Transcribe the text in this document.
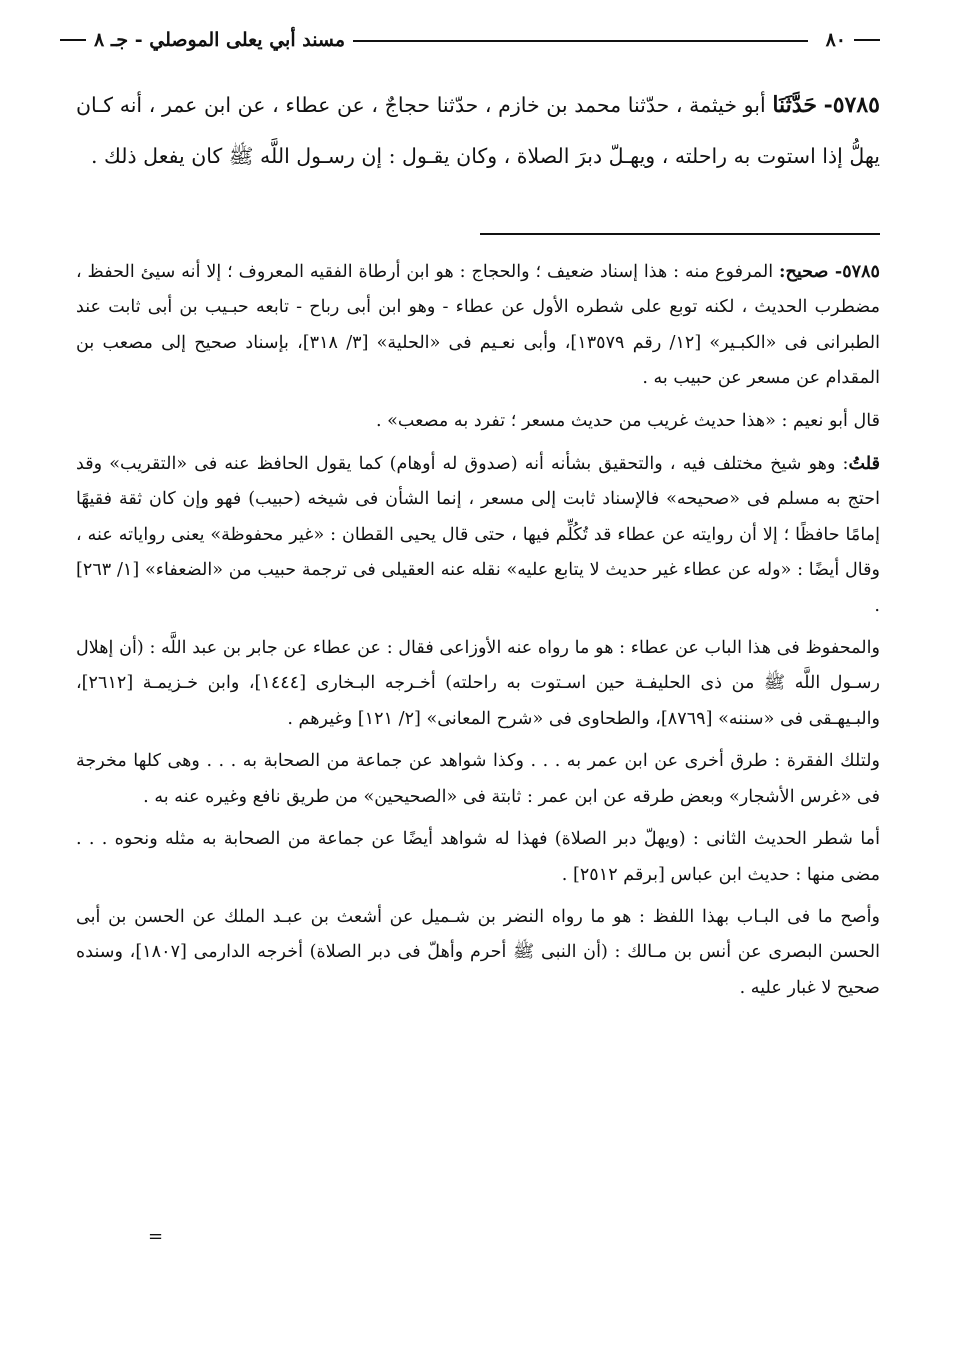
٨٠
مسند أبي يعلى الموصلي - جـ ٨
٥٧٨٥- حَدَّثَنَا أبو خيثمة ، حدّثنا محمد بن خازم ، حدّثنا حجاجٌ ، عن عطاء ، عن ابن عمر ، أنه كـان يهلُّ إذا استوت به راحلته ، ويهـلّ دبرَ الصلاة ، وكان يقـول : إن رسـول اللَّه ﷺ كان يفعل ذلك .

٥٧٨٥- صحيح: المرفوع منه : هذا إسناد ضعيف ؛ والحجاج : هو ابن أرطاة الفقيه المعروف ؛ إلا أنه سيئ الحفظ ، مضطرب الحديث ، لكنه توبع على شطره الأول عن عطاء - وهو ابن أبى رباح - تابعه حبـيب بن أبى ثابت عند الطبرانى فى «الكبـير» [١٢/ رقم ١٣٥٧٩]، وأبى نعـيم فى «الحلية» [٣/ ٣١٨]، بإسناد صحيح إلى مصعب بن المقدام عن مسعر عن حبيب به .

قال أبو نعيم : «هذا حديث غريب من حديث مسعر ؛ تفرد به مصعب» .

قلتُ: وهو شيخ مختلف فيه ، والتحقيق بشأنه أنه (صدوق له أوهام) كما يقول الحافظ عنه فى «التقريب» وقد احتج به مسلم فى «صحيحه» فالإسناد ثابت إلى مسعر ، إنما الشأن فى شيخه (حبيب) فهو وإن كان ثقة فقيهًا إمامًا حافظًا ؛ إلا أن روايته عن عطاء قد تُكُلِّم فيها ، حتى قال يحيى القطان : «غير محفوظة» يعنى رواياته عنه ، وقال أيضًا : «وله عن عطاء غير حديث لا يتابع عليه» نقله عنه العقيلى فى ترجمة حبيب من «الضعفاء» [١/ ٢٦٣] .

والمحفوظ فى هذا الباب عن عطاء : هو ما رواه عنه الأوزاعى فقال : عن عطاء عن جابر بن عبد اللَّه : (أن إهلال رسـول اللَّه ﷺ من ذى الحليفـة حين اسـتوت به راحلته) أخـرجه البـخارى [١٤٤٤]، وابن خـزيمـة [٢٦١٢]، والبـيهـقى فى «سننه» [٨٧٦٩]، والطحاوى فى «شرح المعانى» [٢/ ١٢١] وغيرهم .

ولتلك الفقرة : طرق أخرى عن ابن عمر به . . . وكذا شواهد عن جماعة من الصحابة به . . . وهى كلها مخرجة فى «غرس الأشجار» وبعض طرقه عن ابن عمر : ثابتة فى «الصحيحين» من طريق نافع وغيره عنه به .

أما شطر الحديث الثانى : (ويهلّ دبر الصلاة) فهذا له شواهد أيضًا عن جماعة من الصحابة به مثله ونحوه . . . مضى منها : حديث ابن عباس [برقم ٢٥١٢] .

وأصح ما فى البـاب بهذا اللفظ : هو ما رواه النضر بن شـميل عن أشعث بن عبـد الملك عن الحسن بن أبى الحسن البصرى عن أنس بن مـالك : (أن النبى ﷺ أحرم وأهلّ فى دبر الصلاة) أخرجه الدارمى [١٨٠٧]، وسنده صحيح لا غبار عليه .

=
